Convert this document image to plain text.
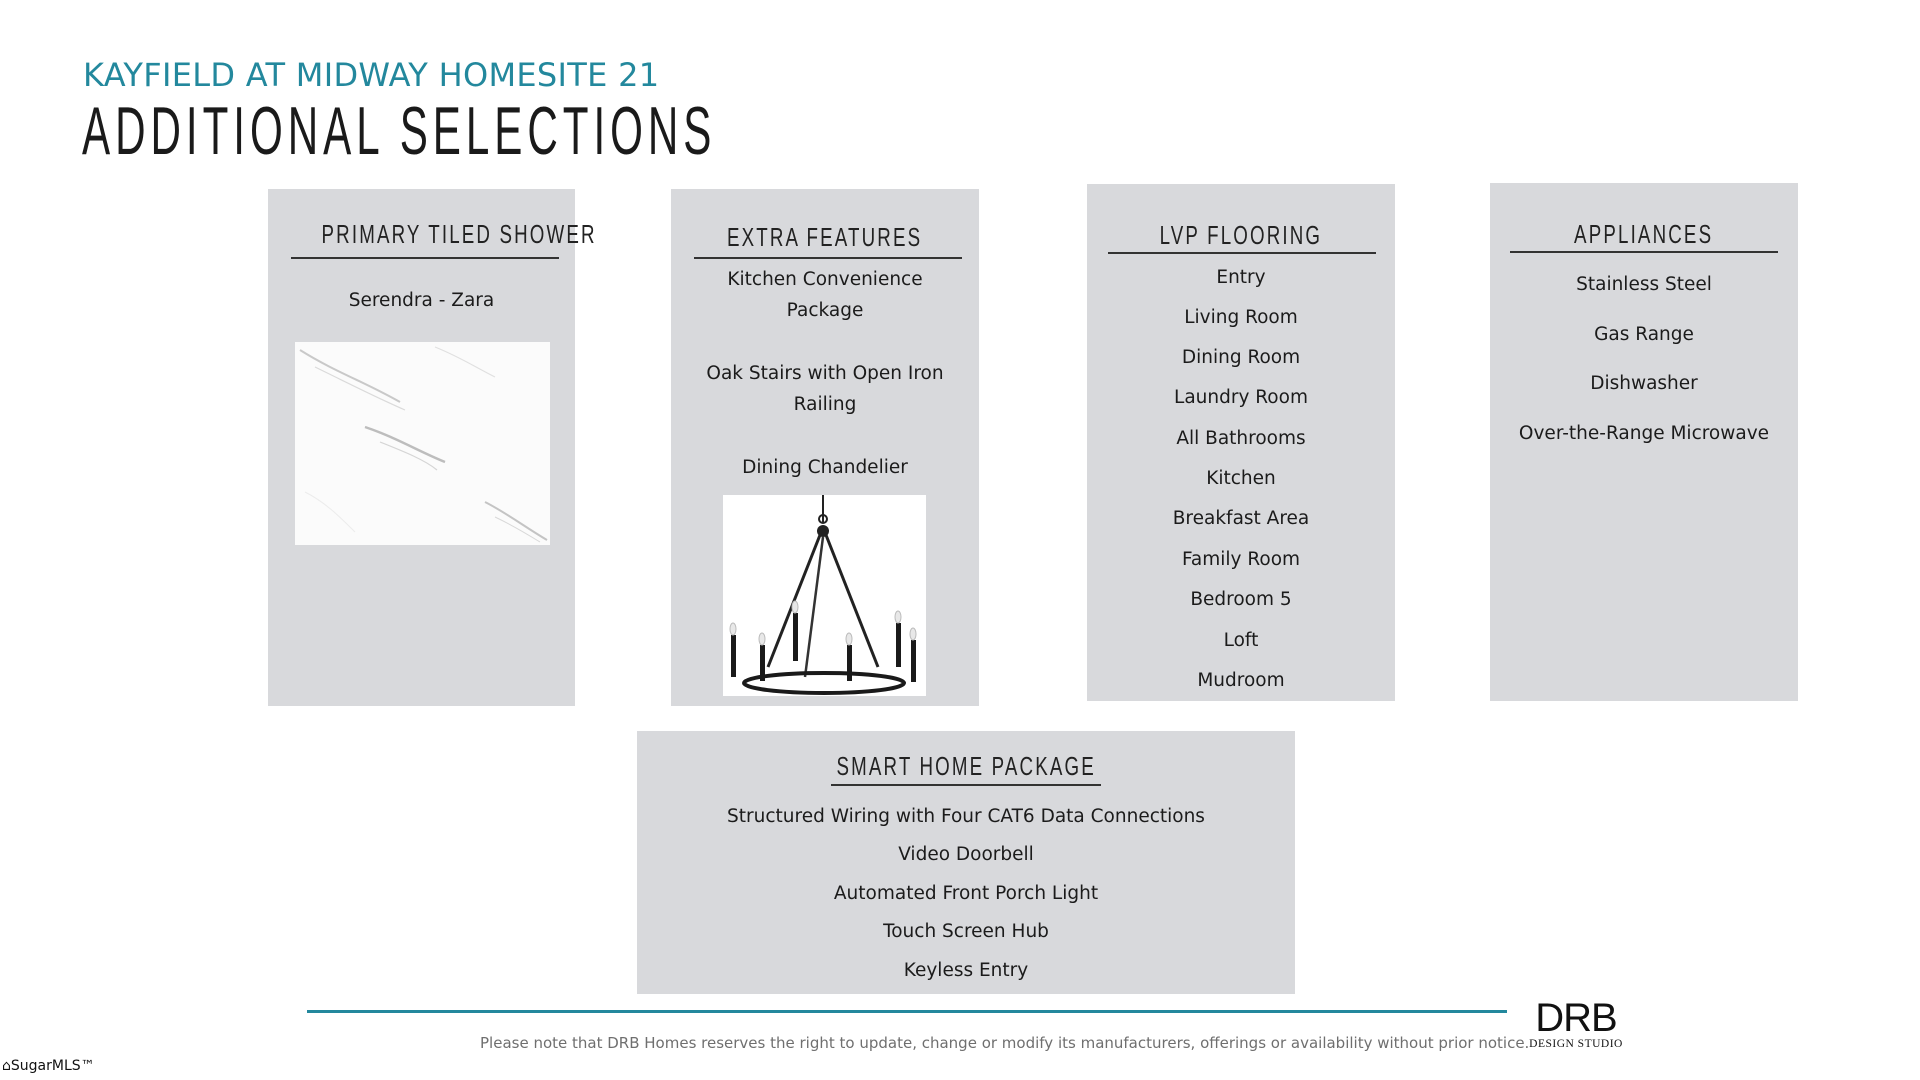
KAYFIELD AT MIDWAY HOMESITE 21
ADDITIONAL SELECTIONS
PRIMARY TILED SHOWER
Serendra - Zara
EXTRA FEATURES
Kitchen Convenience
Package
Oak Stairs with Open Iron
Railing
Dining Chandelier
LVP FLOORING
Entry
Living Room
Dining Room
Laundry Room
All Bathrooms
Kitchen
Breakfast Area
Family Room
Bedroom 5
Loft
Mudroom
APPLIANCES
Stainless Steel
Gas Range
Dishwasher
Over-the-Range Microwave
SMART HOME PACKAGE
Structured Wiring with Four CAT6 Data Connections
Video Doorbell
Automated Front Porch Light
Touch Screen Hub
Keyless Entry
Please note that DRB Homes reserves the right to update, change or modify its manufacturers, offerings or availability without prior notice.
DRB
DESIGN STUDIO
⌂SugarMLS™
